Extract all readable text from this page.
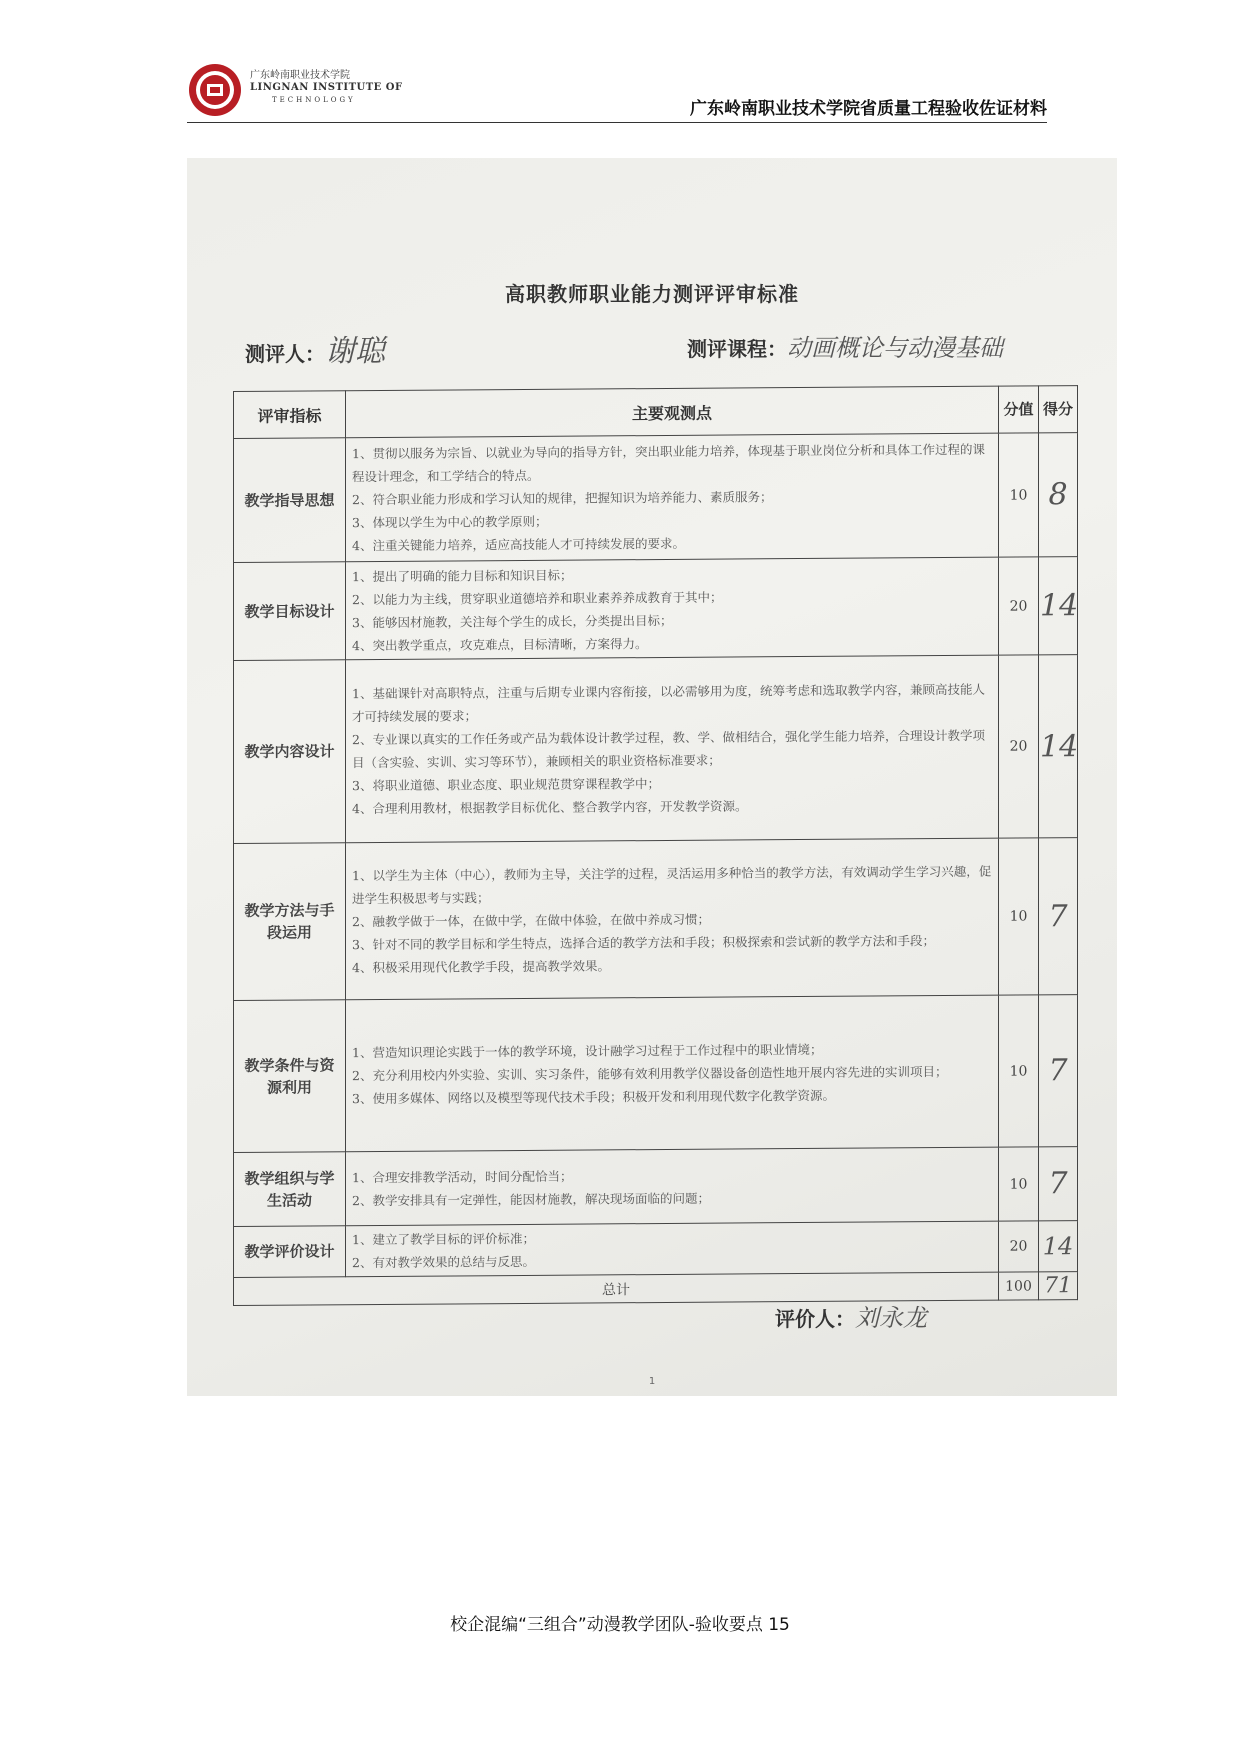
广东岭南职业技术学院
LINGNAN INSTITUTE OF
TECHNOLOGY	广东岭南职业技术学院省质量工程验收佐证材料
高职教师职业能力测评评审标准
测评人：谢聪	测评课程：动画概论与动漫基础
评审指标	主要观测点	分值	得分
教学指导思想	1、贯彻以服务为宗旨、以就业为导向的指导方针，突出职业能力培养，体现基于职业岗位分析和具体工作过程的课程设计理念，和工学结合的特点。
2、符合职业能力形成和学习认知的规律，把握知识为培养能力、素质服务；
3、体现以学生为中心的教学原则；
4、注重关键能力培养，适应高技能人才可持续发展的要求。	10	8
教学目标设计	1、提出了明确的能力目标和知识目标；
2、以能力为主线，贯穿职业道德培养和职业素养养成教育于其中；
3、能够因材施教，关注每个学生的成长，分类提出目标；
4、突出教学重点，攻克难点，目标清晰，方案得力。	20	14
教学内容设计	1、基础课针对高职特点，注重与后期专业课内容衔接，以必需够用为度，统筹考虑和选取教学内容，兼顾高技能人才可持续发展的要求；
2、专业课以真实的工作任务或产品为载体设计教学过程，教、学、做相结合，强化学生能力培养，合理设计教学项目（含实验、实训、实习等环节），兼顾相关的职业资格标准要求；
3、将职业道德、职业态度、职业规范贯穿课程教学中；
4、合理利用教材，根据教学目标优化、整合教学内容，开发教学资源。	20	14
教学方法与手段运用	1、以学生为主体（中心），教师为主导，关注学的过程，灵活运用多种恰当的教学方法，有效调动学生学习兴趣，促进学生积极思考与实践；
2、融教学做于一体，在做中学，在做中体验，在做中养成习惯；
3、针对不同的教学目标和学生特点，选择合适的教学方法和手段；积极探索和尝试新的教学方法和手段；
4、积极采用现代化教学手段，提高教学效果。	10	7
教学条件与资源利用	1、营造知识理论实践于一体的教学环境，设计融学习过程于工作过程中的职业情境；
2、充分利用校内外实验、实训、实习条件，能够有效利用教学仪器设备创造性地开展内容先进的实训项目；
3、使用多媒体、网络以及模型等现代技术手段；积极开发和利用现代数字化教学资源。	10	7
教学组织与学生活动	1、合理安排教学活动，时间分配恰当；
2、教学安排具有一定弹性，能因材施教，解决现场面临的问题；	10	7
教学评价设计	1、建立了教学目标的评价标准；
2、有对教学效果的总结与反思。	20	14
总计		100	71
评价人：刘永龙
1
校企混编“三组合”动漫教学团队-验收要点 15
